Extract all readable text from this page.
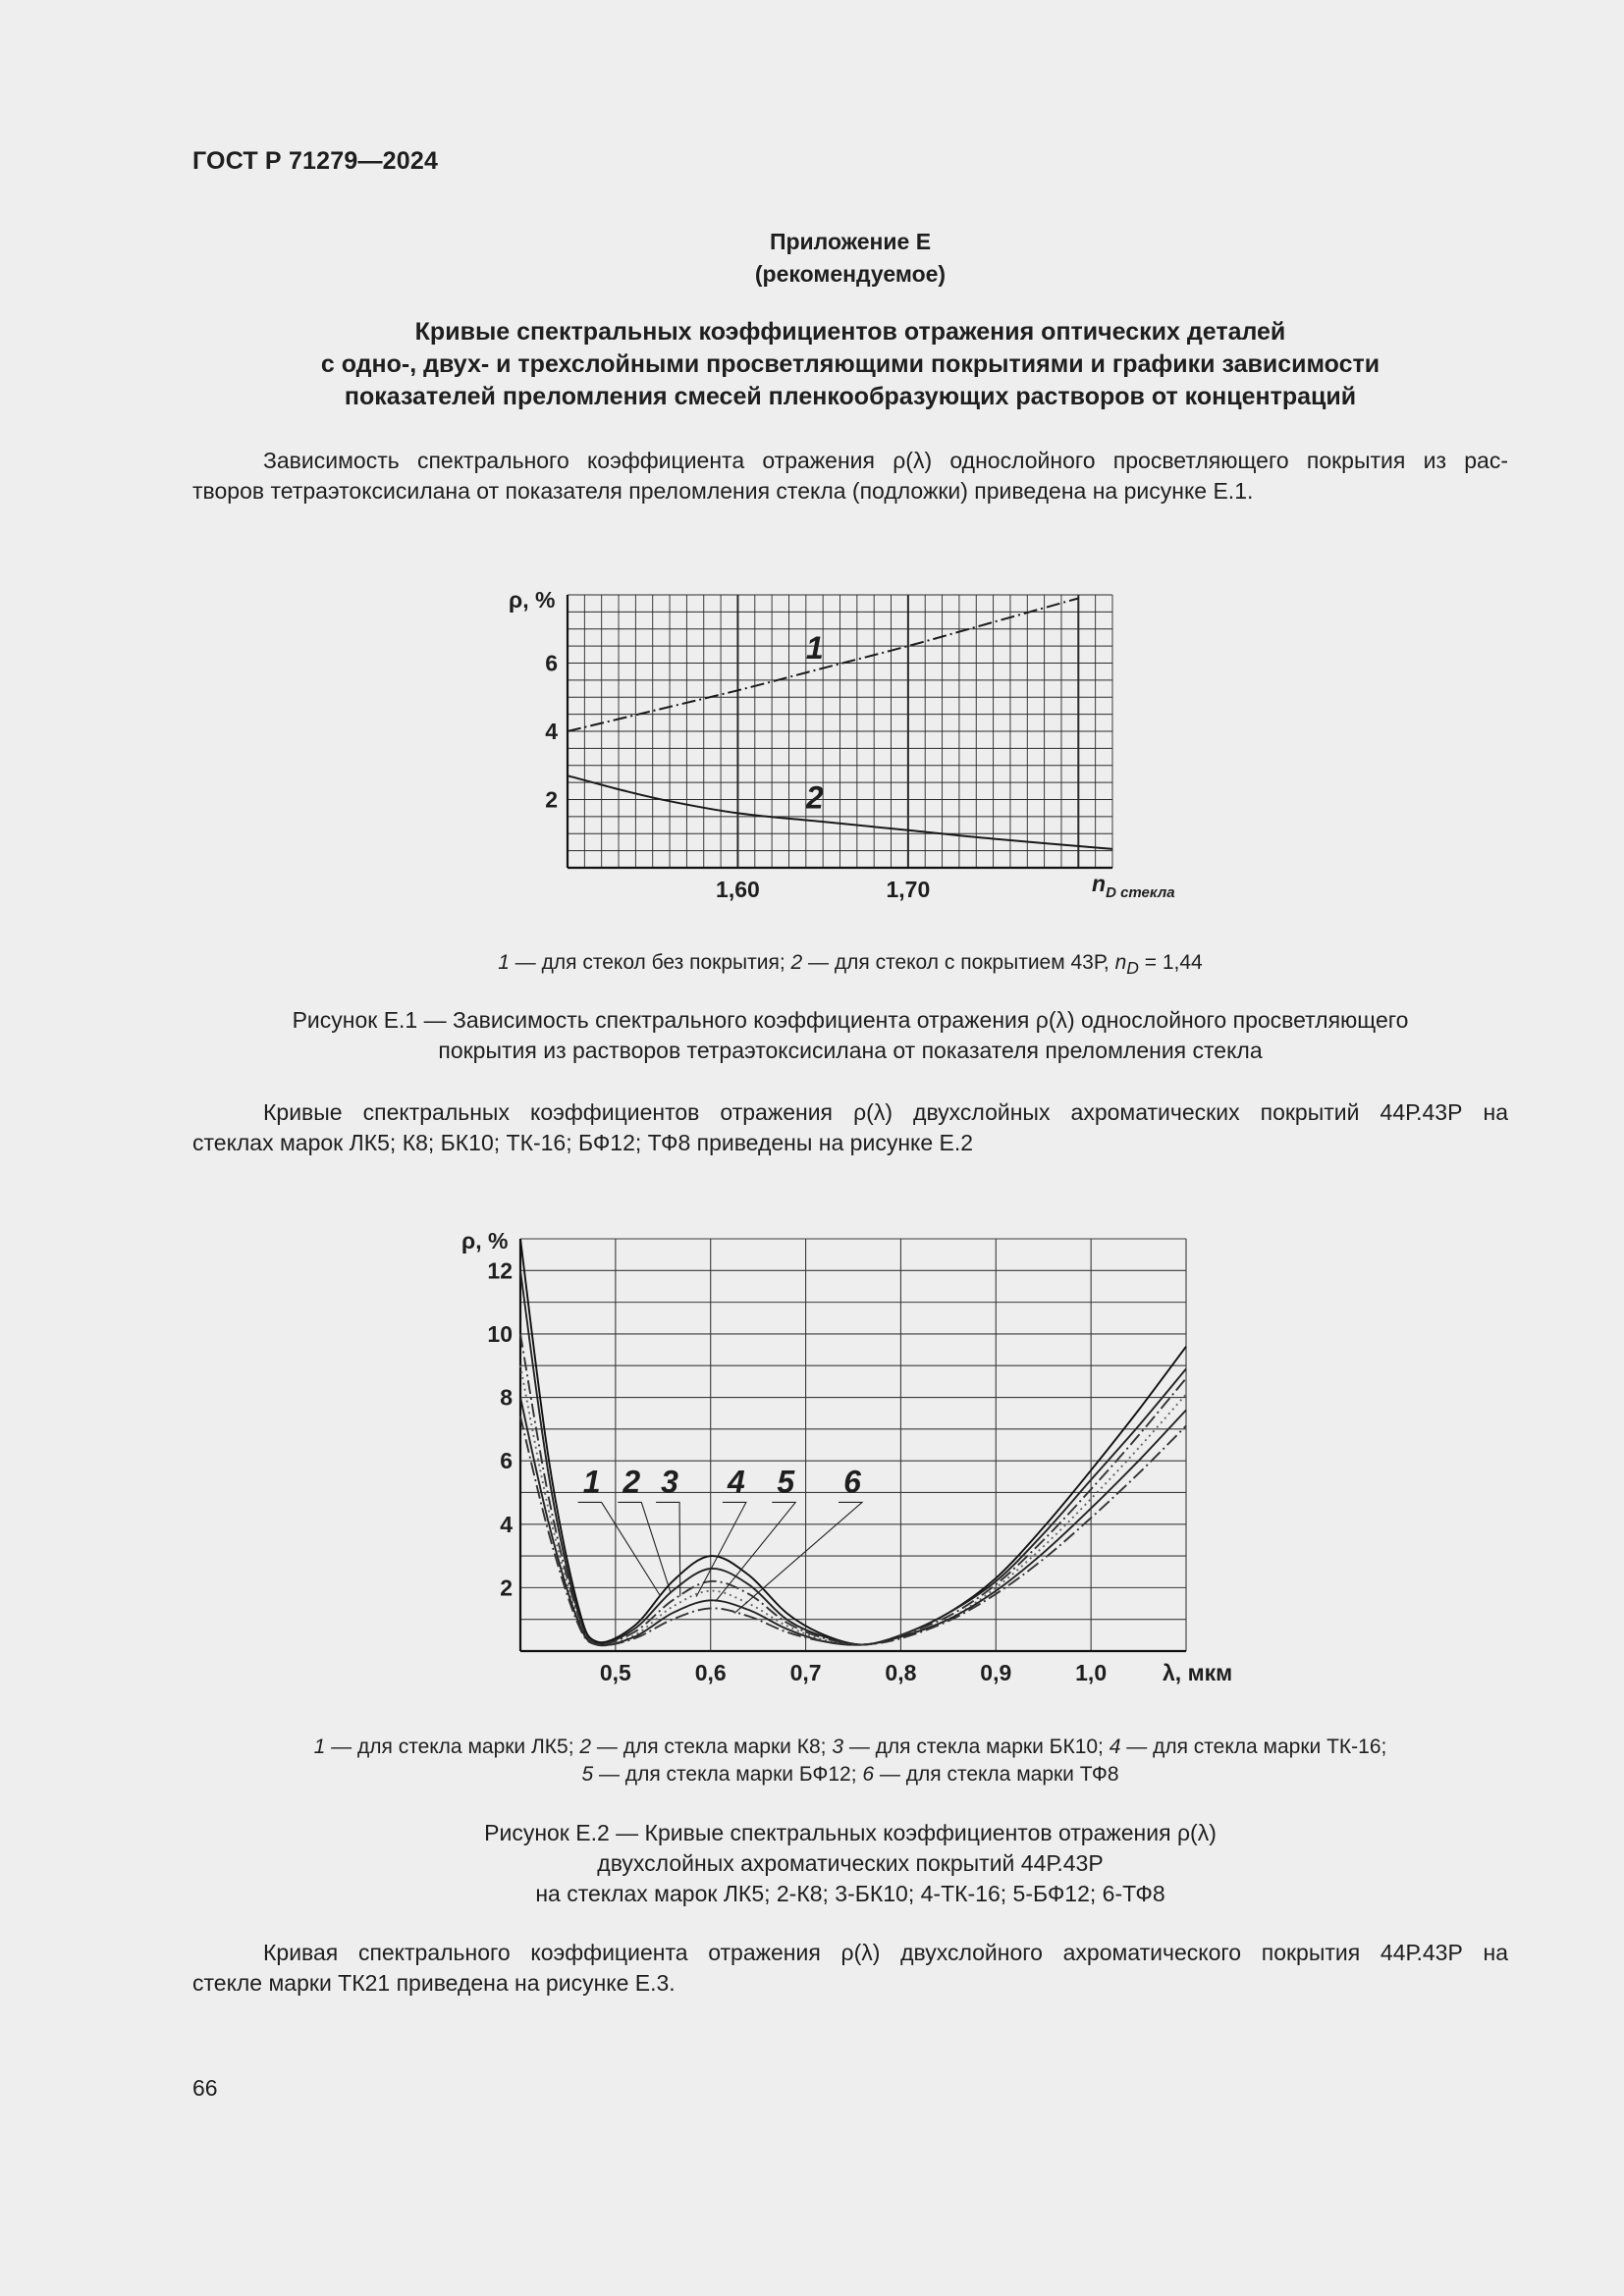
ГОСТ Р 71279—2024
Приложение Е
(рекомендуемое)
Кривые спектральных коэффициентов отражения оптических деталей
с одно-, двух- и трехслойными просветляющими покрытиями и графики зависимости
показателей преломления смесей пленкообразующих растворов от концентраций
Зависимость спектрального коэффициента отражения ρ(λ) однослойного просветляющего покрытия из рас-
творов тетраэтоксисилана от показателя преломления стекла (подложки) приведена на рисунке Е.1.
2
4
6
1,60	1,70
ρ, %
nD стекла
1
2
1 — для стекол без покрытия; 2 — для стекол с покрытием 43Р, $n_D = 1,44$
Рисунок Е.1 — Зависимость спектрального коэффициента отражения ρ(λ) однослойного просветляющего
покрытия из растворов тетраэтоксисилана от показателя преломления стекла
Кривые спектральных коэффициентов отражения ρ(λ) двухслойных ахроматических покрытий 44Р.43Р на
стеклах марок ЛК5; К8; БК10; ТК-16; БФ12; ТФ8 приведены на рисунке Е.2
2
4
6
8
10
12
0,5	0,6	0,7	0,8	0,9	1,0
ρ, %
λ, мкм
1 2 3 4 5 6
1 — для стекла марки ЛК5; 2 — для стекла марки К8; 3 — для стекла марки БК10; 4 — для стекла марки ТК-16;
5 — для стекла марки БФ12; 6 — для стекла марки ТФ8
Рисунок Е.2 — Кривые спектральных коэффициентов отражения ρ(λ)
двухслойных ахроматических покрытий 44Р.43Р
на стеклах марок ЛК5; 2-К8; 3-БК10; 4-ТК-16; 5-БФ12; 6-ТФ8
Кривая спектрального коэффициента отражения ρ(λ) двухслойного ахроматического покрытия 44Р.43Р на
стекле марки ТК21 приведена на рисунке Е.3.
66
